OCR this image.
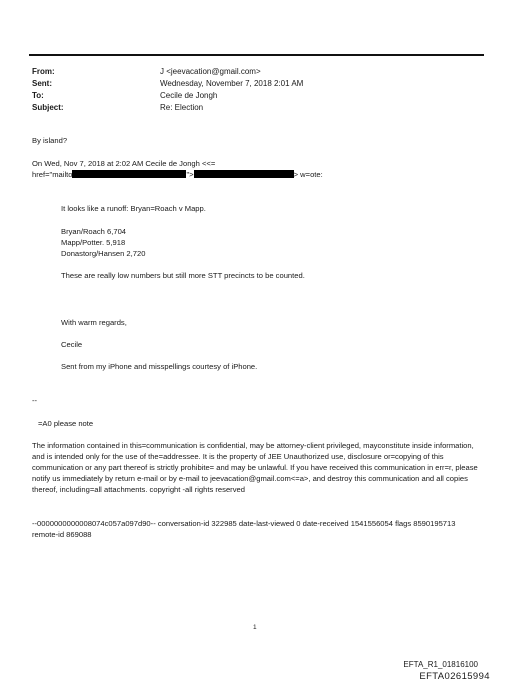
From:	J <jeevacation@gmail.com>
Sent:	Wednesday, November 7, 2018 2:01 AM
To:	Cecile de Jongh
Subject:	Re: Election
By island?
On Wed, Nov 7, 2018 at 2:02 AM Cecile de Jongh <<=
href="mailto	">	> w=ote:
It looks like a runoff: Bryan=Roach v Mapp.
Bryan/Roach 6,704
Mapp/Potter. 5,918
Donastorg/Hansen 2,720
These are really low numbers but still more STT precincts to be counted.
With warm regards,
Cecile
Sent from my iPhone and misspellings courtesy of iPhone.
--
=A0 please note
The information contained in this=communication is confidential, may be attorney-client privileged, mayconstitute inside information, and is intended only for the use of the=addressee. It is the property of JEE Unauthorized use, disclosure or=copying of this communication or any part thereof is strictly prohibite= and may be unlawful. If you have received this communication in err=r, please notify us immediately by return e-mail or by e-mail to jeevacation@gmail.com<=a>, and destroy this communication and all copies thereof, including=all attachments. copyright -all rights reserved
--0000000000008074c057a097d90-- conversation-id 322985 date-last-viewed 0 date-received 1541556054 flags 8590195713 remote-id 869088
1
EFTA_R1_01816100
EFTA02615994
